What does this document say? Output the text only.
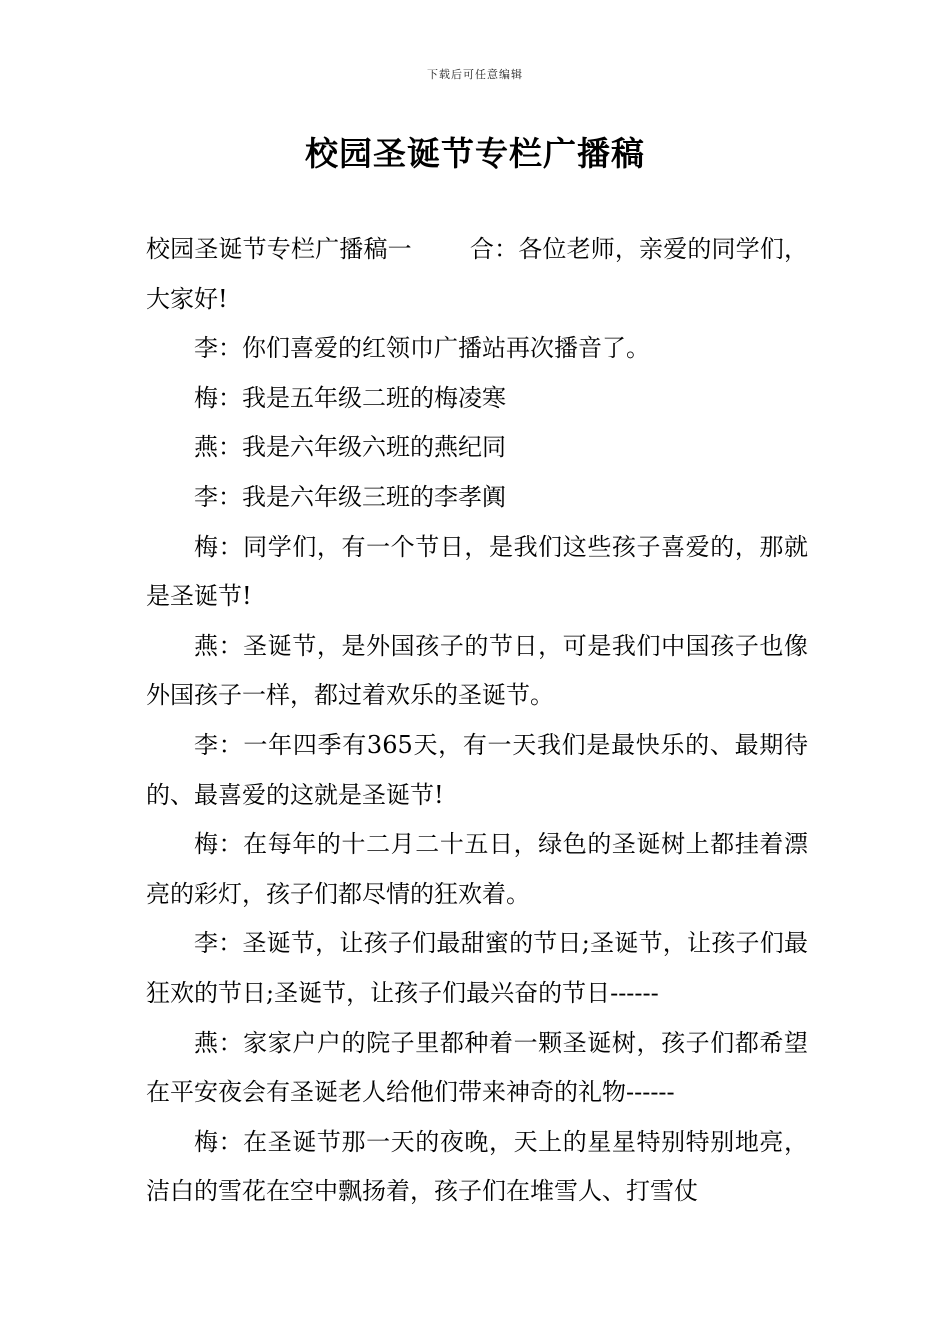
下载后可任意编辑
校园圣诞节专栏广播稿

校园圣诞节专栏广播稿一 合：各位老师，亲爱的同学们，大家好!

李：你们喜爱的红领巾广播站再次播音了。

梅：我是五年级二班的梅凌寒

燕：我是六年级六班的燕纪同

李：我是六年级三班的李孝阗

梅：同学们，有一个节日，是我们这些孩子喜爱的，那就是圣诞节!

燕：圣诞节，是外国孩子的节日，可是我们中国孩子也像外国孩子一样，都过着欢乐的圣诞节。

李：一年四季有365天，有一天我们是最快乐的、最期待的、最喜爱的这就是圣诞节!

梅：在每年的十二月二十五日，绿色的圣诞树上都挂着漂亮的彩灯，孩子们都尽情的狂欢着。

李：圣诞节，让孩子们最甜蜜的节日;圣诞节，让孩子们最狂欢的节日;圣诞节，让孩子们最兴奋的节日------

燕：家家户户的院子里都种着一颗圣诞树，孩子们都希望在平安夜会有圣诞老人给他们带来神奇的礼物------

梅：在圣诞节那一天的夜晚，天上的星星特别特别地亮，洁白的雪花在空中飘扬着，孩子们在堆雪人、打雪仗
